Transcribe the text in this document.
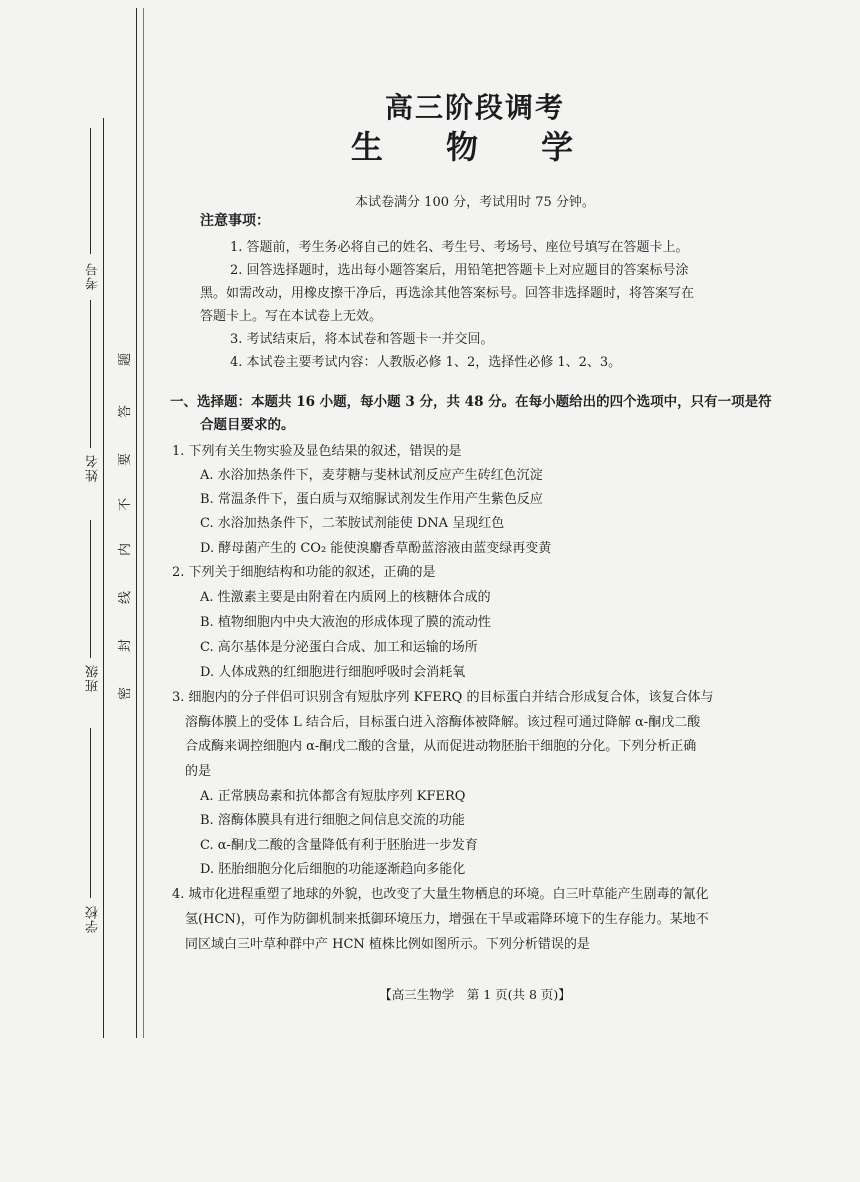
考号
姓名
班级
学校
题
答
要
不
内
线
封
密
高三阶段调考
生 物 学
本试卷满分 100 分，考试用时 75 分钟。
注意事项：
1. 答题前，考生务必将自己的姓名、考生号、考场号、座位号填写在答题卡上。
2. 回答选择题时，选出每小题答案后，用铅笔把答题卡上对应题目的答案标号涂
黑。如需改动，用橡皮擦干净后，再选涂其他答案标号。回答非选择题时，将答案写在
答题卡上。写在本试卷上无效。
3. 考试结束后，将本试卷和答题卡一并交回。
4. 本试卷主要考试内容：人教版必修 1、2，选择性必修 1、2、3。
一、选择题：本题共 16 小题，每小题 3 分，共 48 分。在每小题给出的四个选项中，只有一项是符
合题目要求的。
1. 下列有关生物实验及显色结果的叙述，错误的是
A. 水浴加热条件下，麦芽糖与斐林试剂反应产生砖红色沉淀
B. 常温条件下，蛋白质与双缩脲试剂发生作用产生紫色反应
C. 水浴加热条件下，二苯胺试剂能使 DNA 呈现红色
D. 酵母菌产生的 CO₂ 能使溴麝香草酚蓝溶液由蓝变绿再变黄
2. 下列关于细胞结构和功能的叙述，正确的是
A. 性激素主要是由附着在内质网上的核糖体合成的
B. 植物细胞内中央大液泡的形成体现了膜的流动性
C. 高尔基体是分泌蛋白合成、加工和运输的场所
D. 人体成熟的红细胞进行细胞呼吸时会消耗氧
3. 细胞内的分子伴侣可识别含有短肽序列 KFERQ 的目标蛋白并结合形成复合体，该复合体与
溶酶体膜上的受体 L 结合后，目标蛋白进入溶酶体被降解。该过程可通过降解 α-酮戊二酸
合成酶来调控细胞内 α-酮戊二酸的含量，从而促进动物胚胎干细胞的分化。下列分析正确
的是
A. 正常胰岛素和抗体都含有短肽序列 KFERQ
B. 溶酶体膜具有进行细胞之间信息交流的功能
C. α-酮戊二酸的含量降低有利于胚胎进一步发育
D. 胚胎细胞分化后细胞的功能逐渐趋向多能化
4. 城市化进程重塑了地球的外貌，也改变了大量生物栖息的环境。白三叶草能产生剧毒的氰化
氢(HCN)，可作为防御机制来抵御环境压力，增强在干旱或霜降环境下的生存能力。某地不
同区域白三叶草种群中产 HCN 植株比例如图所示。下列分析错误的是
【高三生物学　第 1 页(共 8 页)】
